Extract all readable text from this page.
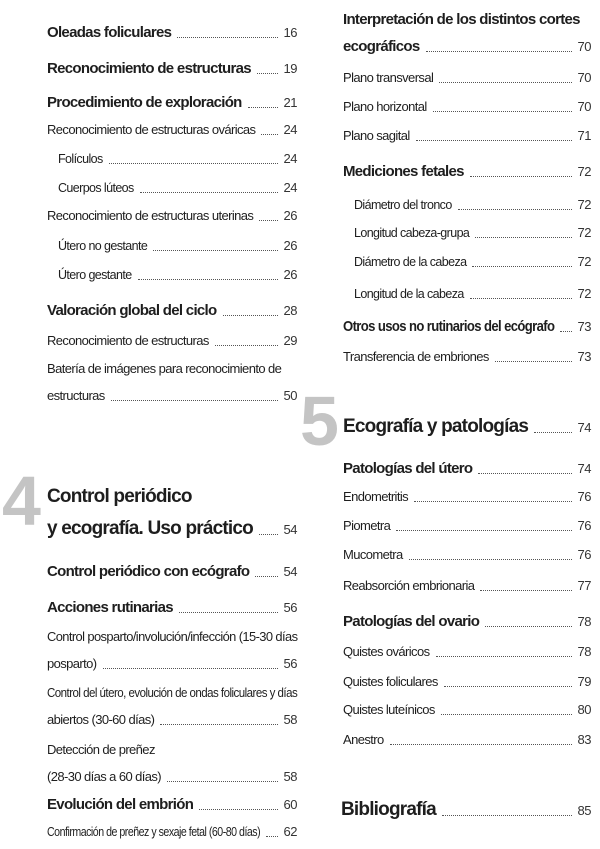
Oleadas foliculares	16
Reconocimiento de estructuras	19
Procedimiento de exploración	21
Reconocimiento de estructuras ováricas 24
Folículos	24
Cuerpos lúteos	24
Reconocimiento de estructuras uterinas 26
Útero no gestante	26
Útero gestante	26
Valoración global del ciclo	28
Reconocimiento de estructuras	29
Batería de imágenes para reconocimiento de
estructuras	50
Control periódico con ecógrafo	54
Acciones rutinarias	56
Control posparto/involución/infección (15-30 días
posparto)	56
Control del útero, evolución de ondas foliculares y días
abiertos (30-60 días)	58
Detección de preñez
(28-30 días a 60 días)	58
Evolución del embrión	60
Confirmación de preñez y sexaje fetal (60-80 días) 62
Interpretación de los distintos cortes
ecográficos	70
Plano transversal	70
Plano horizontal	70
Plano sagital	71
Mediciones fetales	72
Diámetro del tronco	72
Longitud cabeza-grupa	72
Diámetro de la cabeza	72
Longitud de la cabeza	72
Otros usos no rutinarios del ecógrafo 73
Transferencia de embriones	73
Patologías del útero	74
Endometritis	76
Piometra	76
Mucometra	76
Reabsorción embrionaria	77
Patologías del ovario	78
Quistes ováricos	78
Quistes foliculares	79
Quistes luteínicos	80
Anestro	83
4 Control periódico
y ecografía. Uso práctico 54
5 Ecografía y patologías	74
Bibliografía	85
